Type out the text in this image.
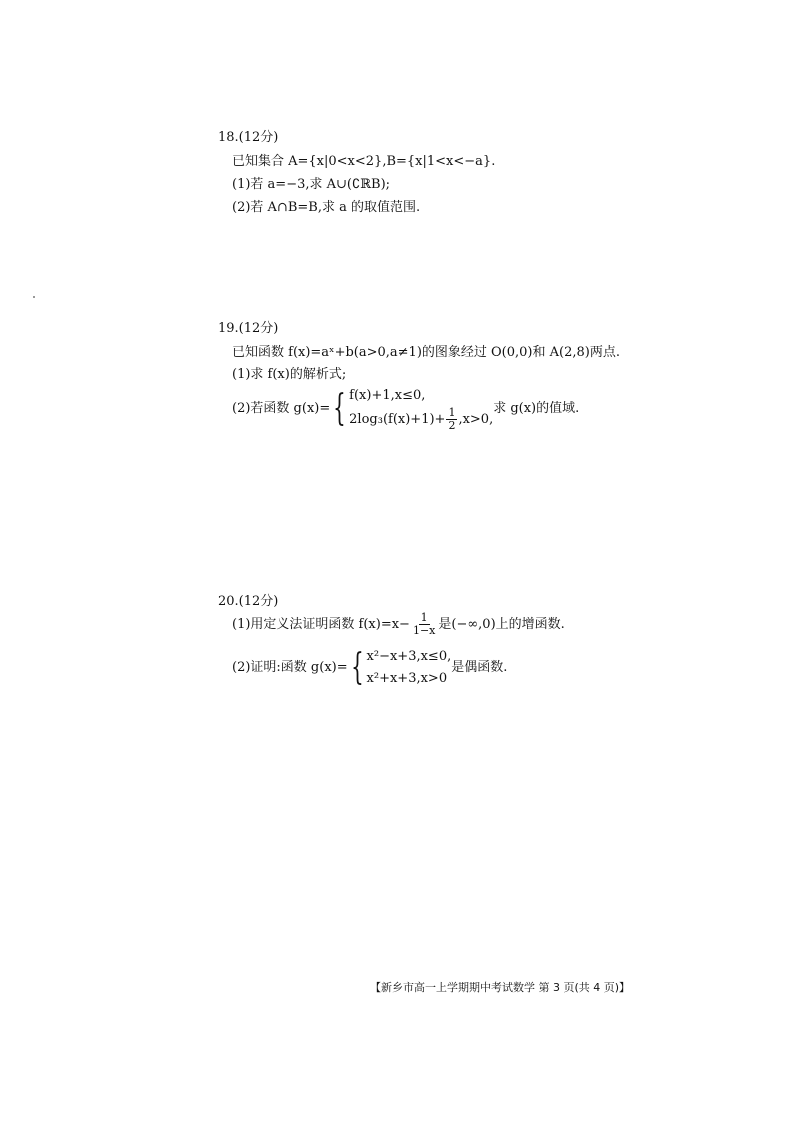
18.(12分)
已知集合 A={x|0<x<2},B={x|1<x<−a}.
(1)若 a=−3,求 A∪(∁ℝB);
(2)若 A∩B=B,求 a 的取值范围.
19.(12分)
已知函数 f(x)=aˣ+b(a>0,a≠1)的图象经过 O(0,0)和 A(2,8)两点.
(1)求 f(x)的解析式;
(2)若函数 g(x)= { f(x)+1,x≤0,
$2\log_3(f(x)+1)+ \frac{1}{2} ,x>0$,
求 g(x)的值域.
20.(12分)
(1)用定义法证明函数 $f(x)=x- \frac{1}{1-x}$ 是(−∞,0)上的增函数.
(2)证明:函数 g(x)= { x²−x+3,x≤0,
x²+x+3,x>0
是偶函数.
【新乡市高一上学期期中考试数学 第 3 页(共 4 页)】
